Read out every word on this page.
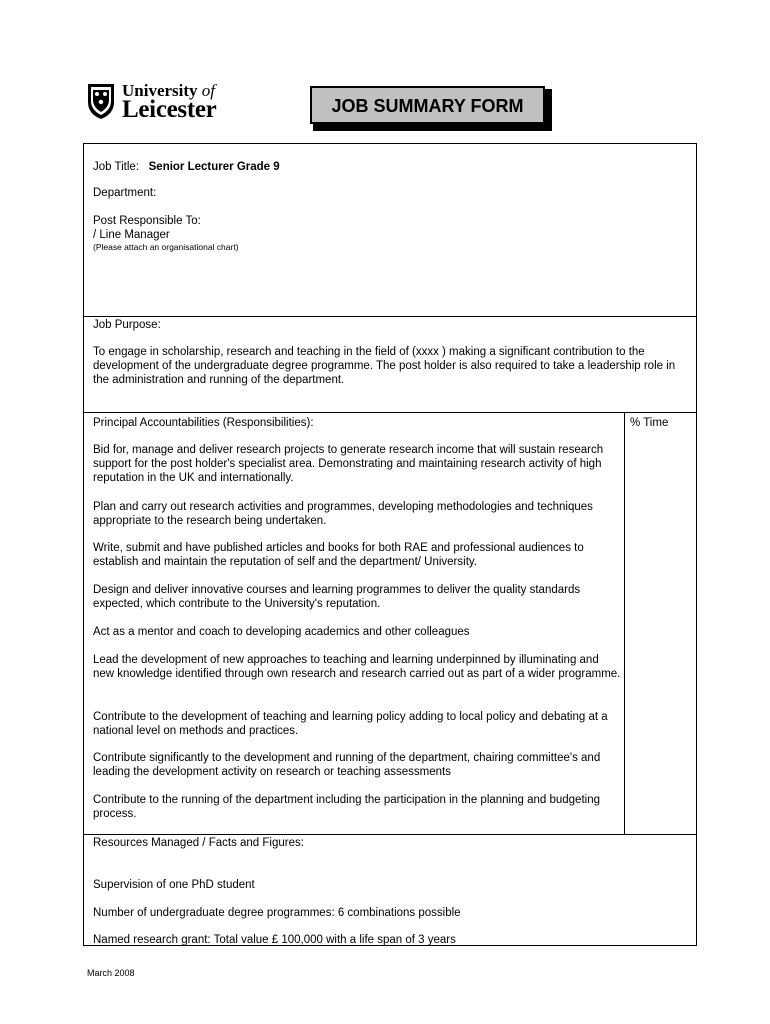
University of
Leicester	JOB SUMMARY FORM
Job Title: Senior Lecturer Grade 9
Department:
Post Responsible To:
/ Line Manager
(Please attach an organisational chart)
Job Purpose:
To engage in scholarship, research and teaching in the field of (xxxx ) making a significant contribution to the development of the undergraduate degree programme. The post holder is also required to take a leadership role in the administration and running of the department.
Principal Accountabilities (Responsibilities):	% Time
Bid for, manage and deliver research projects to generate research income that will sustain research support for the post holder's specialist area. Demonstrating and maintaining research activity of high reputation in the UK and internationally.
Plan and carry out research activities and programmes, developing methodologies and techniques appropriate to the research being undertaken.
Write, submit and have published articles and books for both RAE and professional audiences to establish and maintain the reputation of self and the department/ University.
Design and deliver innovative courses and learning programmes to deliver the quality standards expected, which contribute to the University's reputation.
Act as a mentor and coach to developing academics and other colleagues
Lead the development of new approaches to teaching and learning underpinned by illuminating and new knowledge identified through own research and research carried out as part of a wider programme.
Contribute to the development of teaching and learning policy adding to local policy and debating at a national level on methods and practices.
Contribute significantly to the development and running of the department, chairing committee's and leading the development activity on research or teaching assessments
Contribute to the running of the department including the participation in the planning and budgeting process.
Resources Managed / Facts and Figures:
Supervision of one PhD student
Number of undergraduate degree programmes: 6 combinations possible
Named research grant: Total value £ 100,000 with a life span of 3 years
March 2008
